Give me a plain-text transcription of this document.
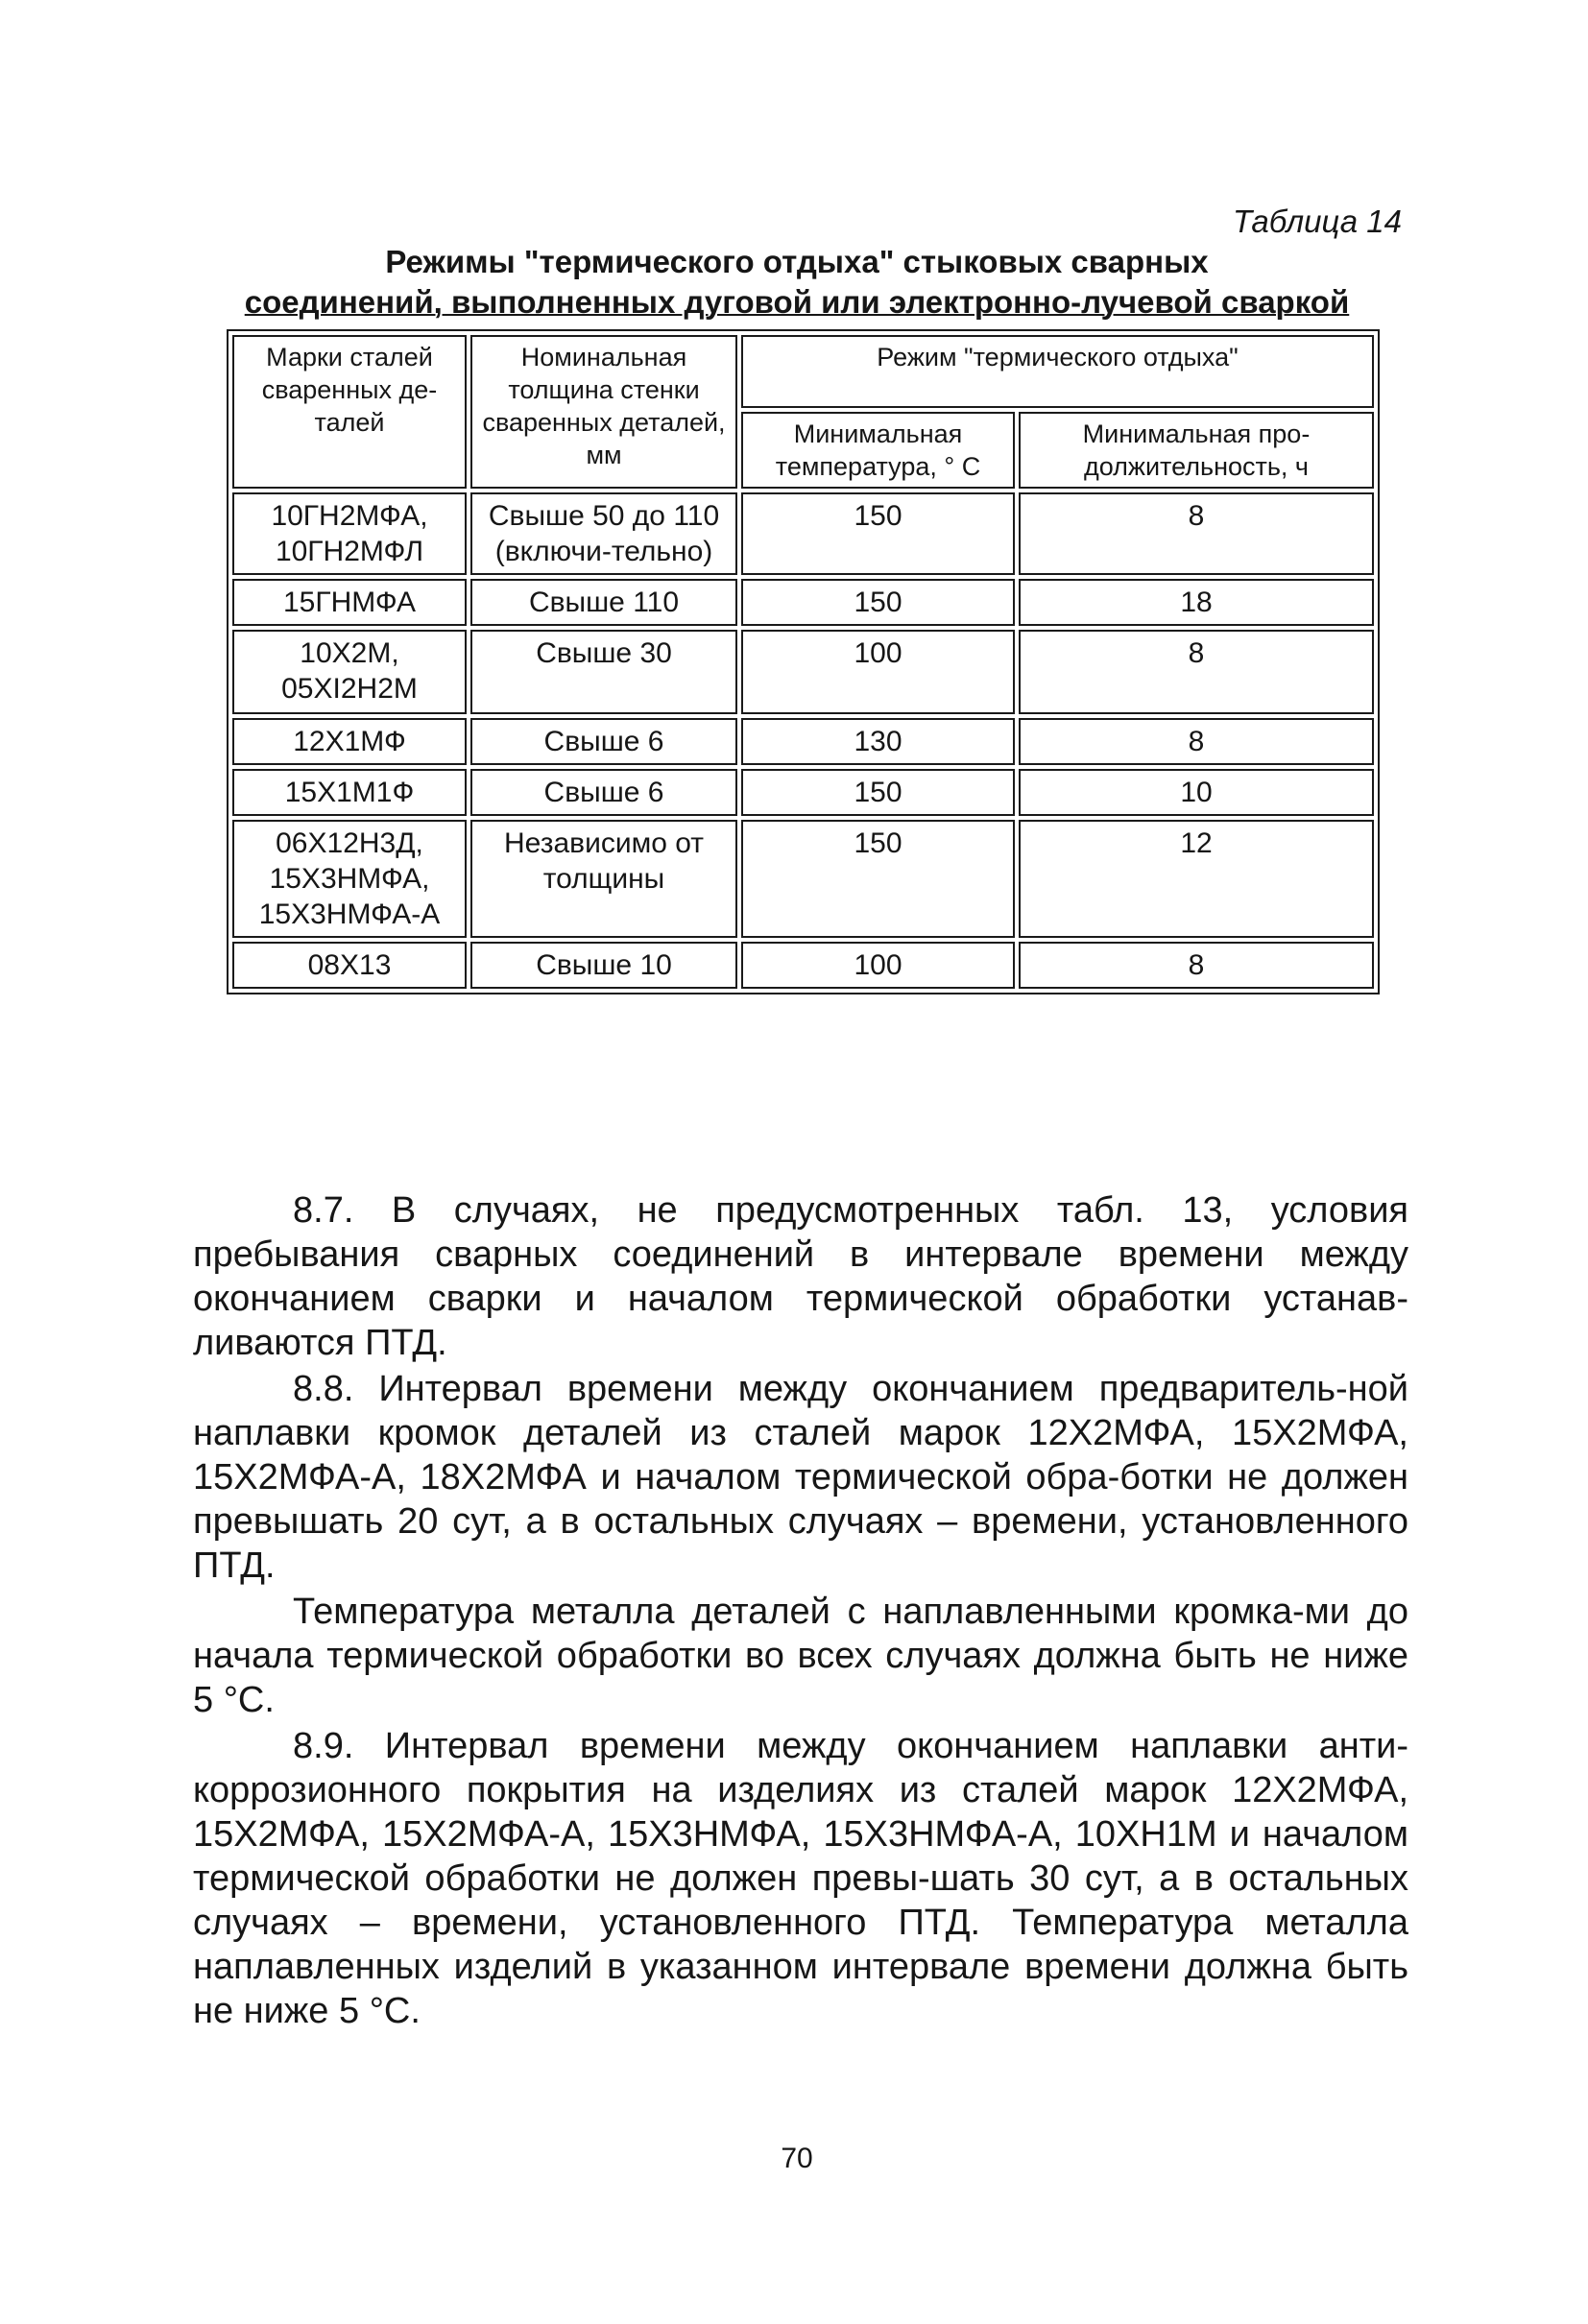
Таблица 14
Режимы "термического отдыха" стыковых сварных
соединений, выполненных дуговой или электронно-лучевой сваркой
Марки сталей сваренных де-талей	Номинальная толщина стенки сваренных деталей, мм	Режим "термического отдыха"	
		Минимальная температура, ° С	Минимальная про-должительность, ч
10ГН2МФА, 10ГН2МФЛ	Свыше 50 до 110 (включи-тельно)	150	8
15ГНМФА	Свыше 110	150	18
10Х2М, 05ХI2Н2М	Свыше 30	100	8
12Х1МФ	Свыше 6	130	8
15Х1М1Ф	Свыше 6	150	10
06Х12Н3Д, 15Х3НМФА, 15Х3НМФА-А	Независимо от толщины	150	12
08Х13	Свыше 10	100	8

8.7. В случаях, не предусмотренных табл. 13, условия пребывания сварных соединений в интервале времени между окончанием сварки и началом термической обработки устанав-ливаются ПТД.

8.8. Интервал времени между окончанием предваритель-ной наплавки кромок деталей из сталей марок 12Х2МФА, 15Х2МФА, 15Х2МФА-А, 18Х2МФА и началом термической обра-ботки не должен превышать 20 сут, а в остальных случаях – времени, установленного ПТД.

Температура металла деталей с наплавленными кромка-ми до начала термической обработки во всех случаях должна быть не ниже 5 °С.

8.9. Интервал времени между окончанием наплавки анти-коррозионного покрытия на изделиях из сталей марок 12Х2МФА, 15Х2МФА, 15Х2МФА-А, 15Х3НМФА, 15Х3НМФА-А, 10ХН1М и началом термической обработки не должен превы-шать 30 сут, а в остальных случаях – времени, установленного ПТД. Температура металла наплавленных изделий в указанном интервале времени должна быть не ниже 5 °С.

70
